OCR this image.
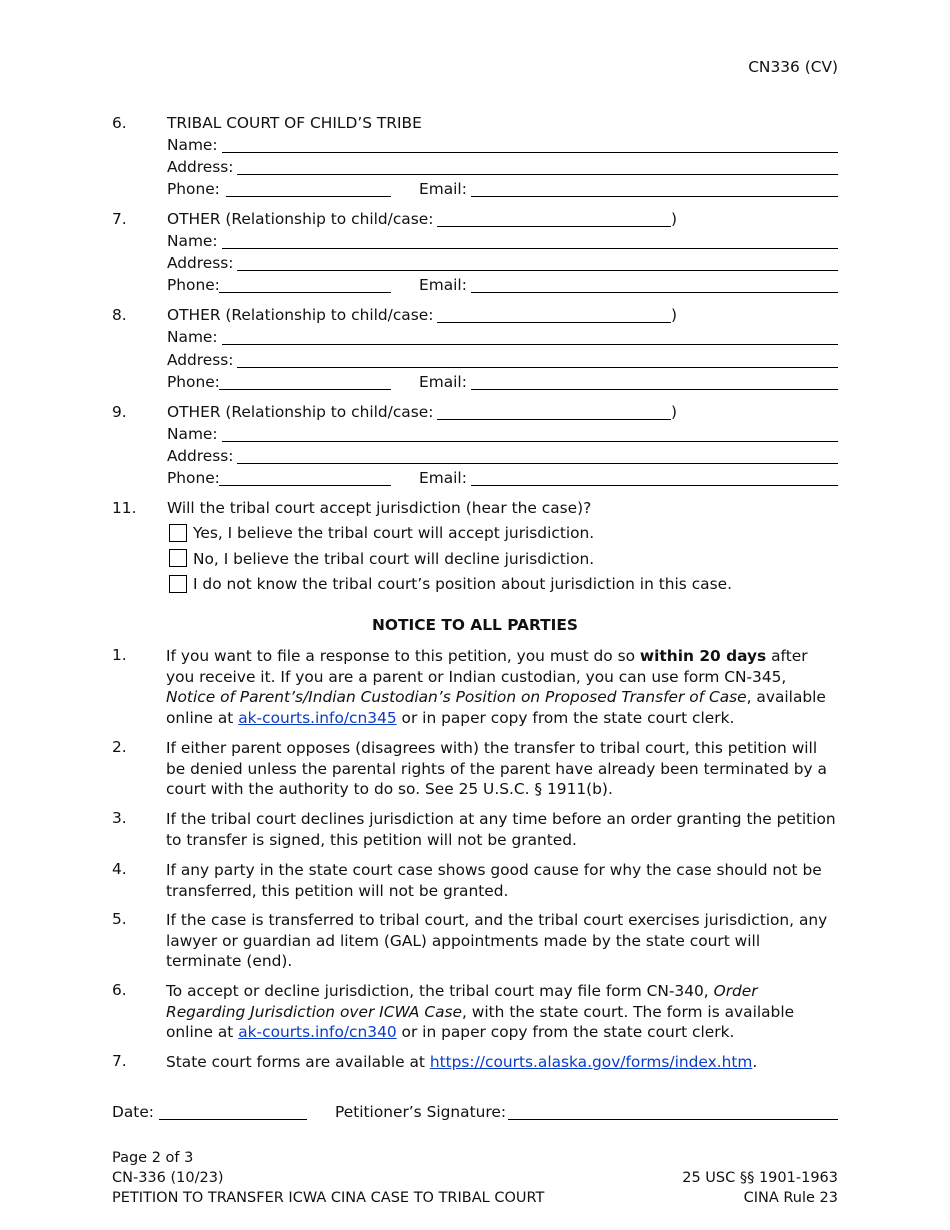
CN336 (CV)
6.	TRIBAL COURT OF CHILD’S TRIBE
Name:
Address:
Phone:	Email:
7.	OTHER (Relationship to child/case:	)
Name:
Address:
Phone:	Email:
8.	OTHER (Relationship to child/case:	)
Name:
Address:
Phone:	Email:
9.	OTHER (Relationship to child/case:	)
Name:
Address:
Phone:	Email:
11. Will the tribal court accept jurisdiction (hear the case)?
Yes, I believe the tribal court will accept jurisdiction.
No, I believe the tribal court will decline jurisdiction.
I do not know the tribal court’s position about jurisdiction in this case.
NOTICE TO ALL PARTIES
1.	If you want to file a response to this petition, you must do so within 20 days after you receive it. If you are a parent or Indian custodian, you can use form CN-345, Notice of Parent’s/Indian Custodian’s Position on Proposed Transfer of Case, available online at ak-courts.info/cn345 or in paper copy from the state court clerk.
2.	If either parent opposes (disagrees with) the transfer to tribal court, this petition will be denied unless the parental rights of the parent have already been terminated by a court with the authority to do so. See 25 U.S.C. § 1911(b).
3.	If the tribal court declines jurisdiction at any time before an order granting the petition to transfer is signed, this petition will not be granted.
4.	If any party in the state court case shows good cause for why the case should not be transferred, this petition will not be granted.
5.	If the case is transferred to tribal court, and the tribal court exercises jurisdiction, any lawyer or guardian ad litem (GAL) appointments made by the state court will terminate (end).
6.	To accept or decline jurisdiction, the tribal court may file form CN-340, Order Regarding Jurisdiction over ICWA Case, with the state court. The form is available online at ak-courts.info/cn340 or in paper copy from the state court clerk.
7.	State court forms are available at https://courts.alaska.gov/forms/index.htm.
Date:	Petitioner’s Signature:
Page 2 of 3
CN-336 (10/23)
PETITION TO TRANSFER ICWA CINA CASE TO TRIBAL COURT
25 USC §§ 1901-1963
CINA Rule 23
